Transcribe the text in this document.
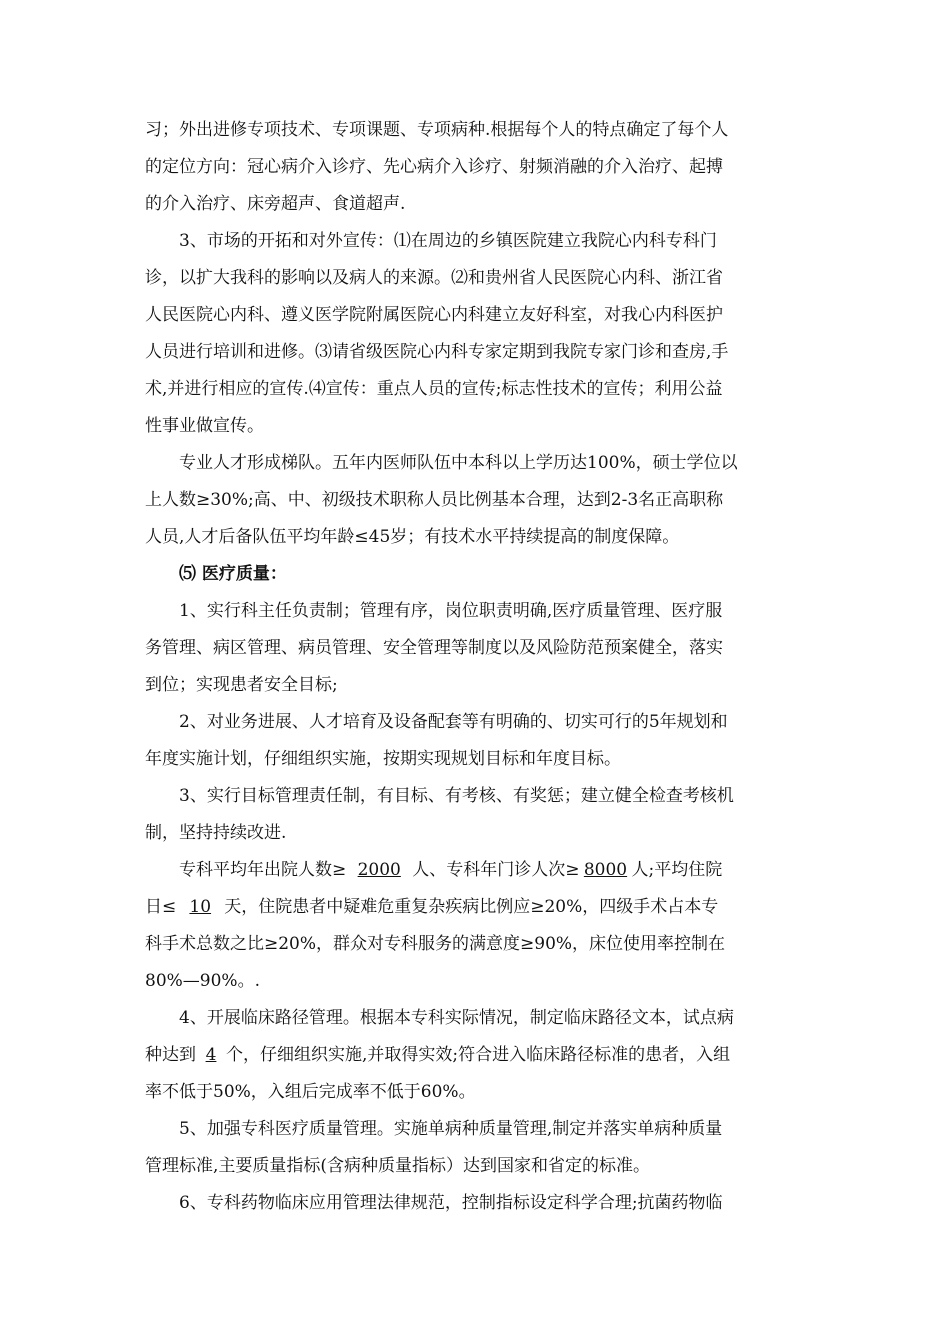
习；外出进修专项技术、专项课题、专项病种.根据每个人的特点确定了每个人

的定位方向：冠心病介入诊疗、先心病介入诊疗、射频消融的介入治疗、起搏

的介入治疗、床旁超声、食道超声.

3、市场的开拓和对外宣传：⑴在周边的乡镇医院建立我院心内科专科门

诊，以扩大我科的影响以及病人的来源。⑵和贵州省人民医院心内科、浙江省

人民医院心内科、遵义医学院附属医院心内科建立友好科室，对我心内科医护

人员进行培训和进修。⑶请省级医院心内科专家定期到我院专家门诊和查房,手

术,并进行相应的宣传.⑷宣传：重点人员的宣传;标志性技术的宣传；利用公益

性事业做宣传。

专业人才形成梯队。五年内医师队伍中本科以上学历达100%，硕士学位以

上人数≥30%;高、中、初级技术职称人员比例基本合理，达到2-3名正高职称

人员,人才后备队伍平均年龄≤45岁；有技术水平持续提高的制度保障。

⑸ 医疗质量：

1、实行科主任负责制；管理有序，岗位职责明确,医疗质量管理、医疗服

务管理、病区管理、病员管理、安全管理等制度以及风险防范预案健全，落实

到位；实现患者安全目标;

2、对业务进展、人才培育及设备配套等有明确的、切实可行的5年规划和

年度实施计划，仔细组织实施，按期实现规划目标和年度目标。

3、实行目标管理责任制，有目标、有考核、有奖惩；建立健全检查考核机

制，坚持持续改进.

专科平均年出院人数≥ 2000 人、专科年门诊人次≥ 8000 人;平均住院

日≤ 10 天，住院患者中疑难危重复杂疾病比例应≥20%，四级手术占本专

科手术总数之比≥20%，群众对专科服务的满意度≥90%，床位使用率控制在

80%—90%。.

4、开展临床路径管理。根据本专科实际情况，制定临床路径文本，试点病

种达到 4 个，仔细组织实施,并取得实效;符合进入临床路径标准的患者，入组

率不低于50%，入组后完成率不低于60%。

5、加强专科医疗质量管理。实施单病种质量管理,制定并落实单病种质量

管理标准,主要质量指标(含病种质量指标）达到国家和省定的标准。

6、专科药物临床应用管理法律规范，控制指标设定科学合理;抗菌药物临
